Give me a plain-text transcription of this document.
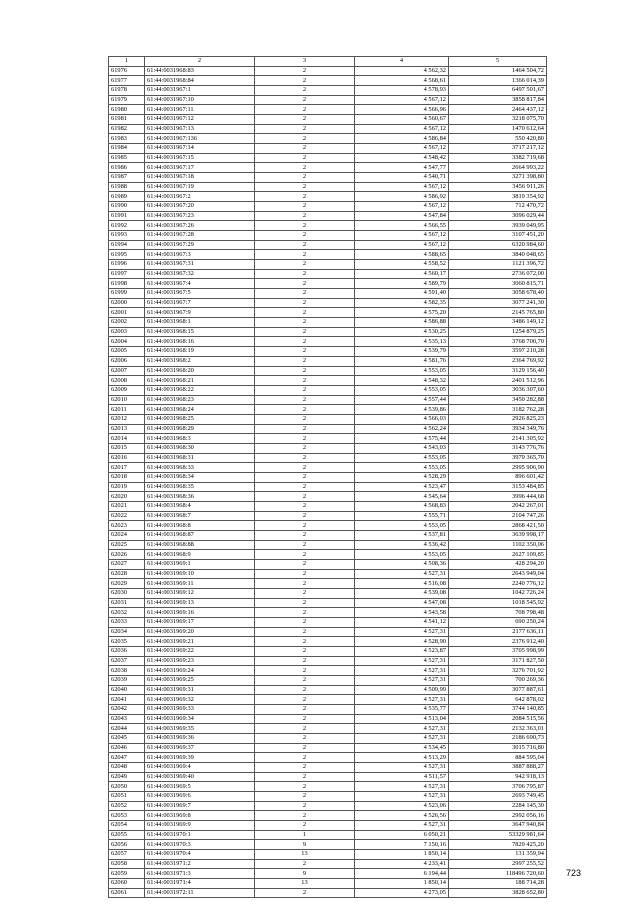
1	2	3	4	5
61976	61:44:0031968:83	2	4 562,32	1464 504,72
61977	61:44:0031968:84	2	4 568,61	1366 014,39
61978	61:44:0031967:1	2	4 578,93	6497 501,67
61979	61:44:0031967:10	2	4 567,12	3858 817,84
61980	61:44:0031967:11	2	4 566,96	2464 437,12
61981	61:44:0031967:12	2	4 560,67	3218 075,70
61982	61:44:0031967:13	2	4 567,12	1470 612,64
61983	61:44:0031967:136	2	4 586,84	550 420,80
61984	61:44:0031967:14	2	4 567,12	3717 217,12
61985	61:44:0031967:15	2	4 548,42	3382 719,68
61986	61:44:0031967:17	2	4 547,77	2664 993,22
61987	61:44:0031967:18	2	4 540,71	3271 398,80
61988	61:44:0031967:19	2	4 567,12	3456 911,26
61989	61:44:0031967:2	2	4 586,92	3819 354,92
61990	61:44:0031967:20	2	4 567,12	712 470,72
61991	61:44:0031967:23	2	4 547,84	3096 029,44
61992	61:44:0031967:26	2	4 566,55	3939 049,95
61993	61:44:0031967:28	2	4 567,12	3107 451,20
61994	61:44:0031967:29	2	4 567,12	6320 984,60
61995	61:44:0031967:3	2	4 588,65	3840 048,65
61996	61:44:0031967:31	2	4 558,52	1121 396,72
61997	61:44:0031967:32	2	4 560,17	2736 072,00
61998	61:44:0031967:4	2	4 589,79	3060 815,71
61999	61:44:0031967:5	2	4 591,40	3058 678,40
62000	61:44:0031967:7	2	4 582,35	3077 241,30
62001	61:44:0031967:9	2	4 575,20	2145 765,80
62002	61:44:0031968:1	2	4 586,88	3486 149,12
62003	61:44:0031968:15	2	4 530,25	1254 879,25
62004	61:44:0031968:16	2	4 535,13	3768 700,70
62005	61:44:0031968:19	2	4 539,79	3597 210,28
62006	61:44:0031968:2	2	4 581,76	2364 769,92
62007	61:44:0031968:20	2	4 553,05	3129 156,40
62008	61:44:0031968:21	2	4 548,32	2401 512,96
62009	61:44:0031968:22	2	4 553,05	3036 307,60
62010	61:44:0031968:23	2	4 557,44	3450 282,88
62011	61:44:0031968:24	2	4 539,86	3182 762,28
62012	61:44:0031968:25	2	4 566,03	2926 825,23
62013	61:44:0031968:29	2	4 562,24	3934 349,76
62014	61:44:0031968:3	2	4 575,44	2141 305,92
62015	61:44:0031968:30	2	4 543,03	3143 776,76
62016	61:44:0031968:31	2	4 553,05	3979 365,70
62017	61:44:0031968:33	2	4 553,05	2995 906,90
62018	61:44:0031968:34	2	4 528,29	896 601,42
62019	61:44:0031968:35	2	4 523,47	3153 484,85
62020	61:44:0031968:36	2	4 545,64	3996 444,68
62021	61:44:0031968:4	2	4 568,83	2042 267,01
62022	61:44:0031968:7	2	4 555,71	2104 747,26
62023	61:44:0031968:8	2	4 553,05	2868 421,50
62024	61:44:0031968:87	2	4 537,81	3639 998,17
62025	61:44:0031968:88	2	4 536,42	1102 350,06
62026	61:44:0031968:9	2	4 553,05	2627 109,85
62027	61:44:0031969:1	2	4 508,36	428 294,20
62028	61:44:0031969:10	2	4 527,31	2643 949,04
62029	61:44:0031969:11	2	4 516,08	2240 776,12
62030	61:44:0031969:12	2	4 539,08	1042 726,24
62031	61:44:0031969:13	2	4 547,08	1018 545,92
62032	61:44:0031969:16	2	4 543,58	708 798,48
62033	61:44:0031969:17	2	4 541,12	690 250,24
62034	61:44:0031969:20	2	4 527,31	2177 636,11
62035	61:44:0031969:21	2	4 528,90	2376 912,40
62036	61:44:0031969:22	2	4 523,87	3705 998,99
62037	61:44:0031969:23	2	4 527,31	3171 827,50
62038	61:44:0031969:24	2	4 527,31	3276 701,92
62039	61:44:0031969:25	2	4 527,31	700 269,36
62040	61:44:0031969:31	2	4 509,99	3077 887,61
62041	61:44:0031969:32	2	4 527,31	642 878,02
62042	61:44:0031969:33	2	4 535,77	3744 140,85
62043	61:44:0031969:34	2	4 513,04	2084 515,56
62044	61:44:0031969:35	2	4 527,31	2132 363,01
62045	61:44:0031969:36	2	4 527,31	2186 690,73
62046	61:44:0031969:37	2	4 534,45	3015 716,80
62047	61:44:0031969:39	2	4 513,29	884 595,04
62048	61:44:0031969:4	2	4 527,31	3887 888,27
62049	61:44:0031969:40	2	4 511,57	942 918,13
62050	61:44:0031969:5	2	4 527,31	3706 795,87
62051	61:44:0031969:6	2	4 527,31	2693 749,45
62052	61:44:0031969:7	2	4 523,06	2284 145,30
62053	61:44:0031969:8	2	4 526,56	2992 056,16
62054	61:44:0031969:9	2	4 527,31	3647 940,84
62055	61:44:0031970:1	1	6 050,21	53329 981,64
62056	61:44:0031970:3	9	7 150,16	7829 425,20
62057	61:44:0031970:4	13	1 850,14	131 359,94
62058	61:44:0031971:2	2	4 233,41	2997 255,52
62059	61:44:0031971:3	9	6 194,44	118496 720,60
62060	61:44:0031971:4	13	1 850,14	188 714,28
62061	61:44:0031972:11	2	4 273,05	3828 652,80
723
